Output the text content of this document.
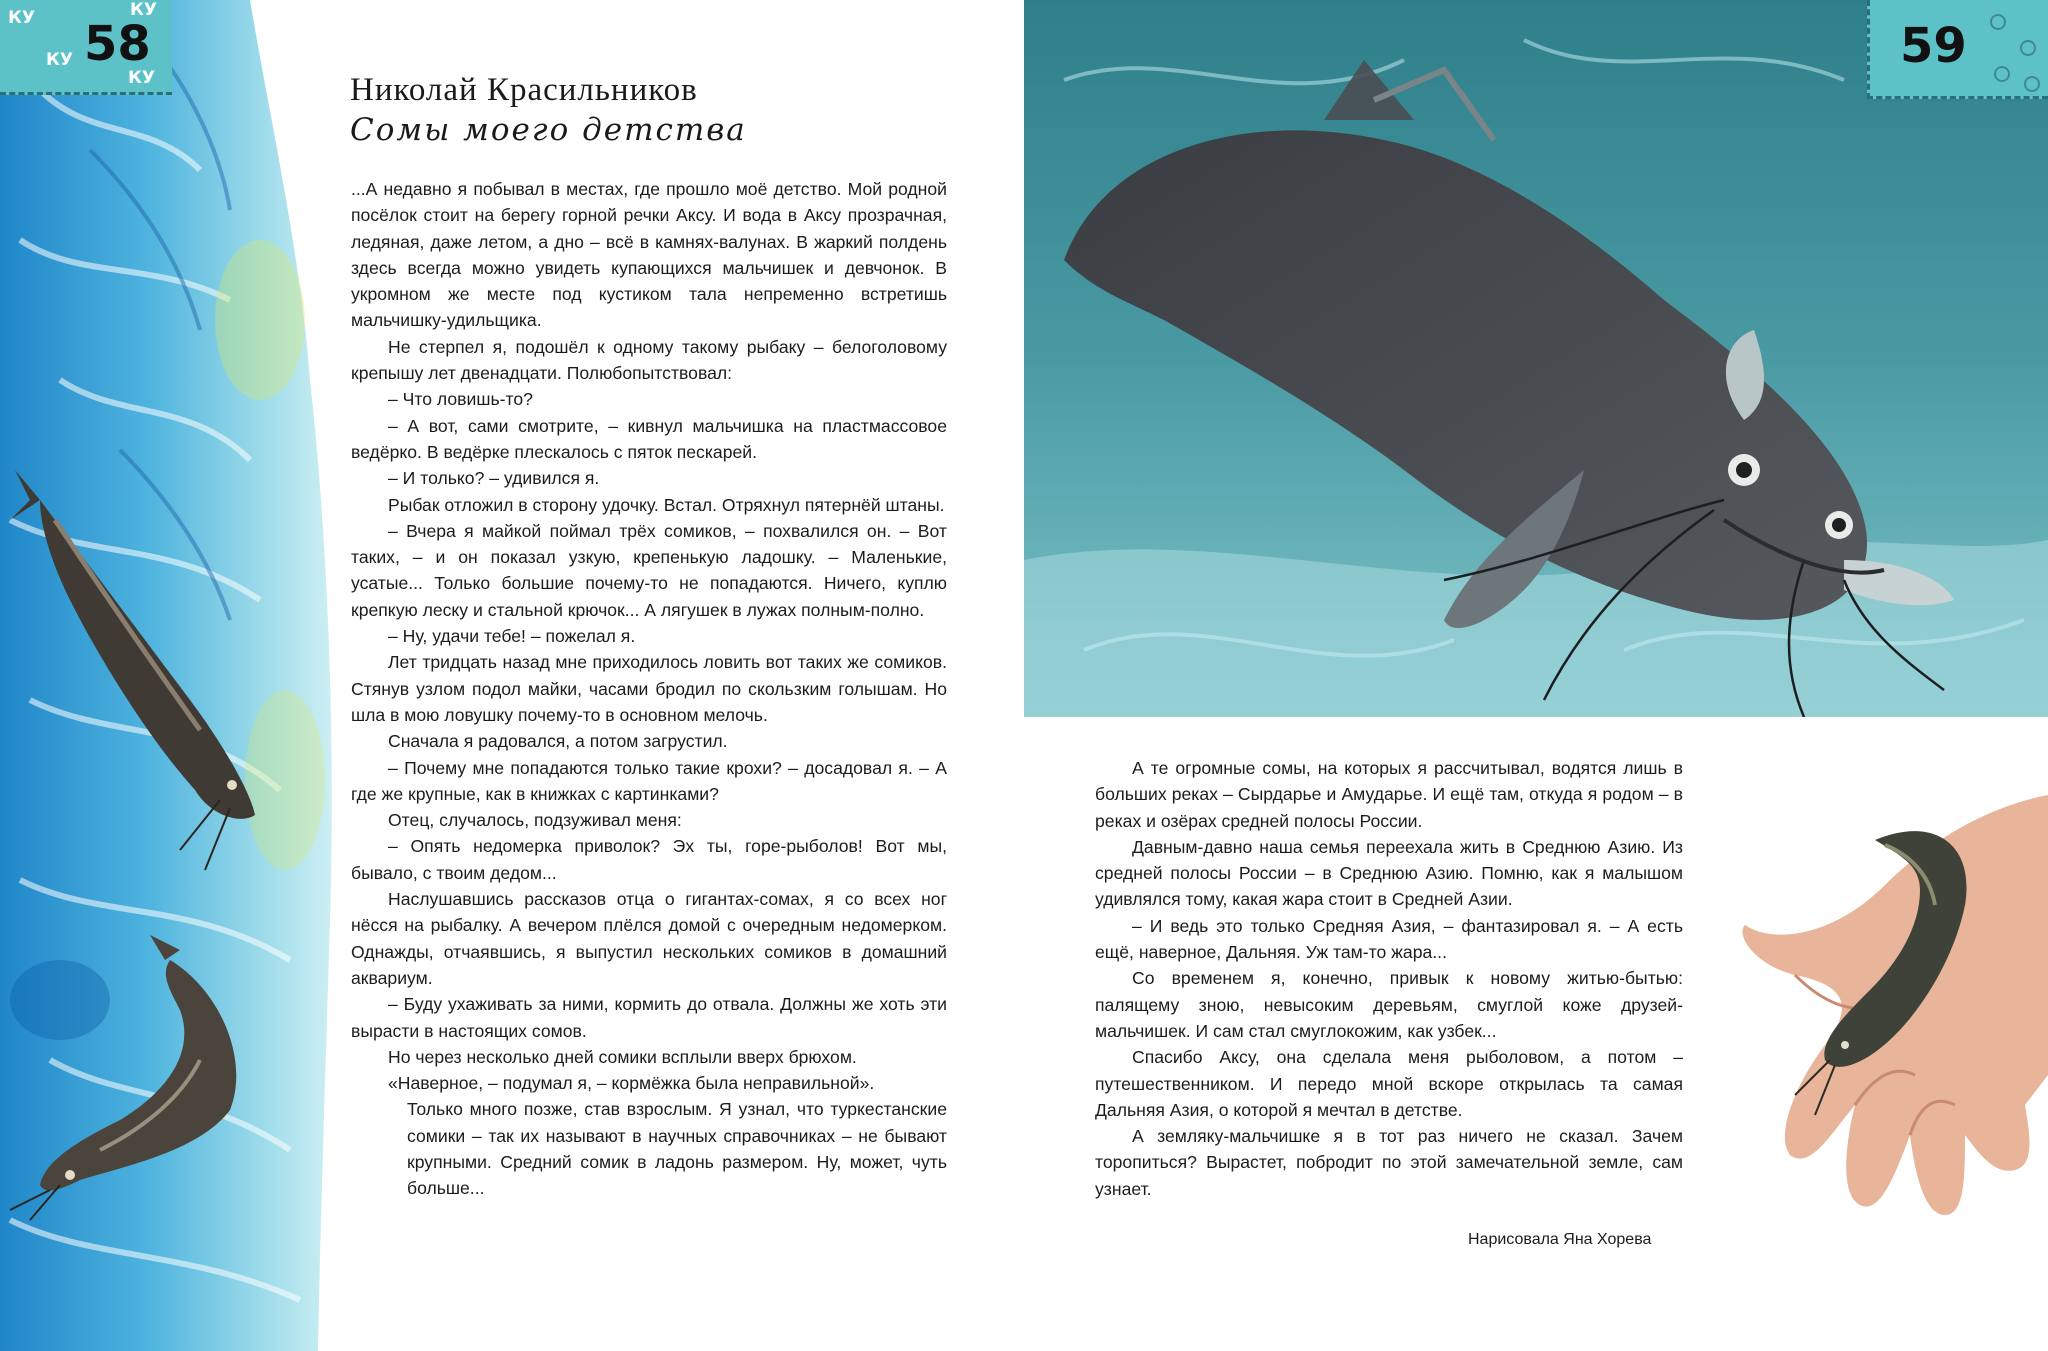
КУ
КУ
КУ
КУ
58
Николай Красильников
Сомы моего детства

...А недавно я побывал в местах, где прошло моё детство. Мой родной посёлок стоит на берегу горной речки Аксу. И вода в Аксу прозрачная, ледяная, даже летом, а дно – всё в камнях-валунах. В жаркий полдень здесь всегда можно увидеть купающихся мальчишек и девчонок. В укромном же месте под кустиком тала непременно встретишь мальчишку-удильщика.

Не стерпел я, подошёл к одному такому рыбаку – белоголовому крепышу лет двенадцати. Полюбопытствовал:

– Что ловишь-то?

– А вот, сами смотрите, – кивнул мальчишка на пластмассовое ведёрко. В ведёрке плескалось с пяток пескарей.

– И только? – удивился я.

Рыбак отложил в сторону удочку. Встал. Отряхнул пятернёй штаны.

– Вчера я майкой поймал трёх сомиков, – похвалился он. – Вот таких, – и он показал узкую, крепенькую ладошку. – Маленькие, усатые... Только большие почему-то не попадаются. Ничего, куплю крепкую леску и стальной крючок... А лягушек в лужах полным-полно.

– Ну, удачи тебе! – пожелал я.

Лет тридцать назад мне приходилось ловить вот таких же сомиков. Стянув узлом подол майки, часами бродил по скользким голышам. Но шла в мою ловушку почему-то в основном мелочь.

Сначала я радовался, а потом загрустил.

– Почему мне попадаются только такие крохи? – досадовал я. – А где же крупные, как в книжках с картинками?

Отец, случалось, подзуживал меня:

– Опять недомерка приволок? Эх ты, горе-рыболов! Вот мы, бывало, с твоим дедом...

Наслушавшись рассказов отца о гигантах-сомах, я со всех ног нёсся на рыбалку. А вечером плёлся домой с очередным недомерком. Однажды, отчаявшись, я выпустил нескольких сомиков в домашний аквариум.

– Буду ухаживать за ними, кормить до отвала. Должны же хоть эти вырасти в настоящих сомов.

Но через несколько дней сомики всплыли вверх брюхом.

«Наверное, – подумал я, – кормёжка была неправильной».

Только много позже, став взрослым. Я узнал, что туркестанские сомики – так их называют в научных справочниках – не бывают крупными. Средний сомик в ладонь размером. Ну, может, чуть больше...

59

А те огромные сомы, на которых я рассчитывал, водятся лишь в больших реках – Сырдарье и Амударье. И ещё там, откуда я родом – в реках и озёрах средней полосы России.

Давным-давно наша семья переехала жить в Среднюю Азию. Из средней полосы России – в Среднюю Азию. Помню, как я малышом удивлялся тому, какая жара стоит в Средней Азии.

– И ведь это только Средняя Азия, – фантазировал я. – А есть ещё, наверное, Дальняя. Уж там-то жара...

Со временем я, конечно, привык к новому житью-бытью: палящему зною, невысоким деревьям, смуглой коже друзей-мальчишек. И сам стал смуглокожим, как узбек...

Спасибо Аксу, она сделала меня рыболовом, а потом – путешественником. И передо мной вскоре открылась та самая Дальняя Азия, о которой я мечтал в детстве.

А земляку-мальчишке я в тот раз ничего не сказал. Зачем торопиться? Вырастет, побродит по этой замечательной земле, сам узнает.

Нарисовала Яна Хорева
